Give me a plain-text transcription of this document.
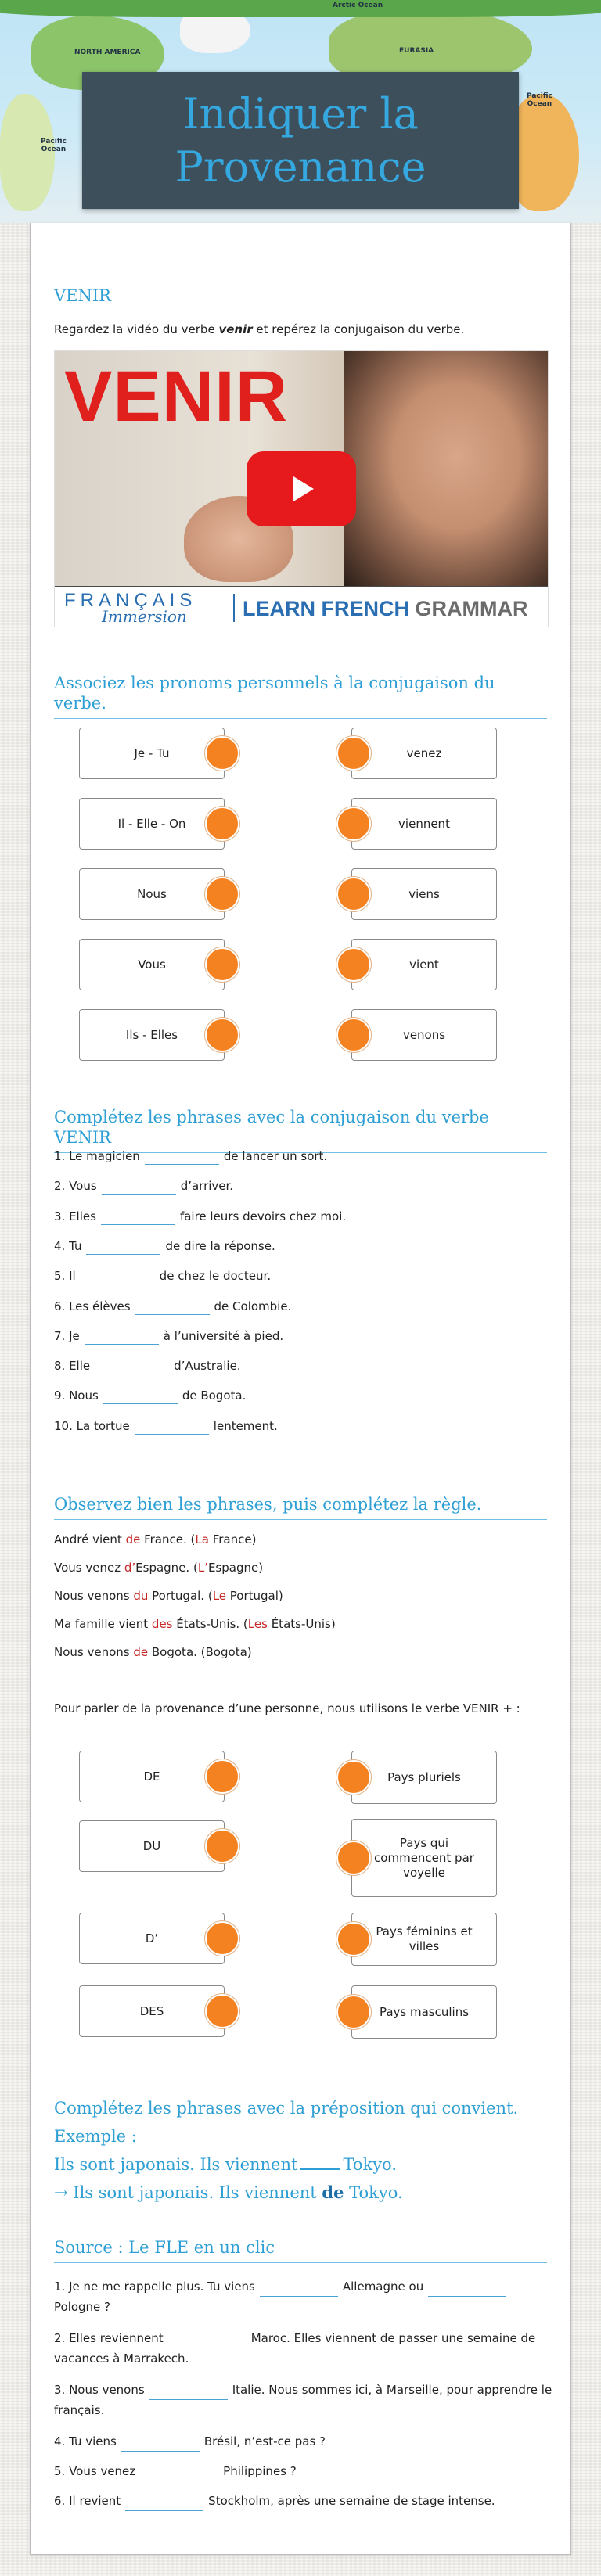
NORTH AMERICA
Arctic Ocean
EURASIA
Pacific
Ocean
Pacific
Ocean
Indiquer la
Provenance
VENIR
Regardez la vidéo du verbe venir et repérez la conjugaison du verbe.
VENIR
FRANÇAIS
Immersion	LEARN FRENCH GRAMMAR
Associez les pronoms personnels à la conjugaison du verbe.
Je - Tu
Il - Elle - On
Nous
Vous
Ils - Elles
venez
viennent
viens
vient
venons
Complétez les phrases avec la conjugaison du verbe VENIR
1. Le magicien	de lancer un sort.
2. Vous	d’arriver.
3. Elles	faire leurs devoirs chez moi.
4. Tu	de dire la réponse.
5. Il	de chez le docteur.
6. Les élèves	de Colombie.
7. Je	à l’université à pied.
8. Elle	d’Australie.
9. Nous	de Bogota.
10. La tortue	lentement.
Observez bien les phrases, puis complétez la règle.
André vient de France. (La France)
Vous venez d’Espagne. (L’Espagne)
Nous venons du Portugal. (Le Portugal)
Ma famille vient des États-Unis. (Les États-Unis)
Nous venons de Bogota. (Bogota)
Pour parler de la provenance d’une personne, nous utilisons le verbe VENIR + :
DE
DU
D’
DES
Pays pluriels
Pays qui commencent par voyelle
Pays féminins et villes
Pays masculins
Complétez les phrases avec la préposition qui convient.
Exemple :
Ils sont japonais. Ils viennent	Tokyo.
→ Ils sont japonais. Ils viennent de Tokyo.
Source : Le FLE en un clic
1. Je ne me rappelle plus. Tu viens	Allemagne ouPologne ?
2. Elles reviennent	Maroc. Elles viennent de passer une semaine de vacances à Marrakech.
3. Nous venons	Italie. Nous sommes ici, à Marseille, pour apprendre le français.
4. Tu viens	Brésil, n’est-ce pas ?
5. Vous venez	Philippines ?
6. Il revient	Stockholm, après une semaine de stage intense.
